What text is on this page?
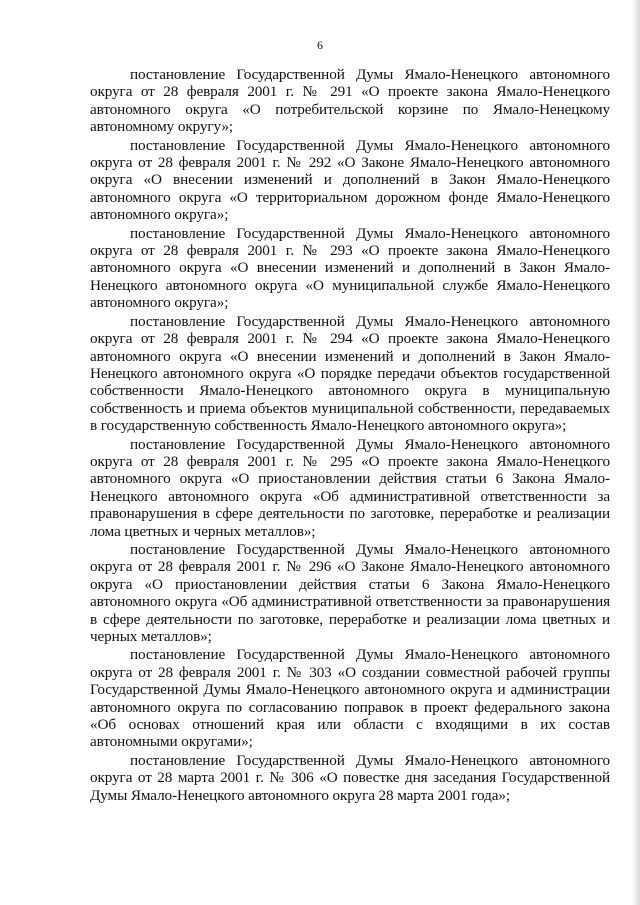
6

постановление Государственной Думы Ямало-Ненецкого автономного округа от 28 февраля 2001 г. № 291 «О проекте закона Ямало-Ненецкого автономного округа «О потребительской корзине по Ямало-Ненецкому автономному округу»;

постановление Государственной Думы Ямало-Ненецкого автономного округа от 28 февраля 2001 г. № 292 «О Законе Ямало-Ненецкого автономного округа «О внесении изменений и дополнений в Закон Ямало-Ненецкого автономного округа «О территориальном дорожном фонде Ямало-Ненецкого автономного округа»;

постановление Государственной Думы Ямало-Ненецкого автономного округа от 28 февраля 2001 г. № 293 «О проекте закона Ямало-Ненецкого автономного округа «О внесении изменений и дополнений в Закон Ямало-Ненецкого автономного округа «О муниципальной службе Ямало-Ненецкого автономного округа»;

постановление Государственной Думы Ямало-Ненецкого автономного округа от 28 февраля 2001 г. № 294 «О проекте закона Ямало-Ненецкого автономного округа «О внесении изменений и дополнений в Закон Ямало-Ненецкого автономного округа «О порядке передачи объектов государственной собственности Ямало-Ненецкого автономного округа в муниципальную собственность и приема объектов муниципальной собственности, передаваемых в государственную собственность Ямало-Ненецкого автономного округа»;

постановление Государственной Думы Ямало-Ненецкого автономного округа от 28 февраля 2001 г. № 295 «О проекте закона Ямало-Ненецкого автономного округа «О приостановлении действия статьи 6 Закона Ямало-Ненецкого автономного округа «Об административной ответственности за правонарушения в сфере деятельности по заготовке, переработке и реализации лома цветных и черных металлов»;

постановление Государственной Думы Ямало-Ненецкого автономного округа от 28 февраля 2001 г. № 296 «О Законе Ямало-Ненецкого автономного округа «О приостановлении действия статьи 6 Закона Ямало-Ненецкого автономного округа «Об административной ответственности за правонарушения в сфере деятельности по заготовке, переработке и реализации лома цветных и черных металлов»;

постановление Государственной Думы Ямало-Ненецкого автономного округа от 28 февраля 2001 г. № 303 «О создании совместной рабочей группы Государственной Думы Ямало-Ненецкого автономного округа и администрации автономного округа по согласованию поправок в проект федерального закона «Об основах отношений края или области с входящими в их состав автономными округами»;

постановление Государственной Думы Ямало-Ненецкого автономного округа от 28 марта 2001 г. № 306 «О повестке дня заседания Государственной Думы Ямало-Ненецкого автономного округа 28 марта 2001 года»;
